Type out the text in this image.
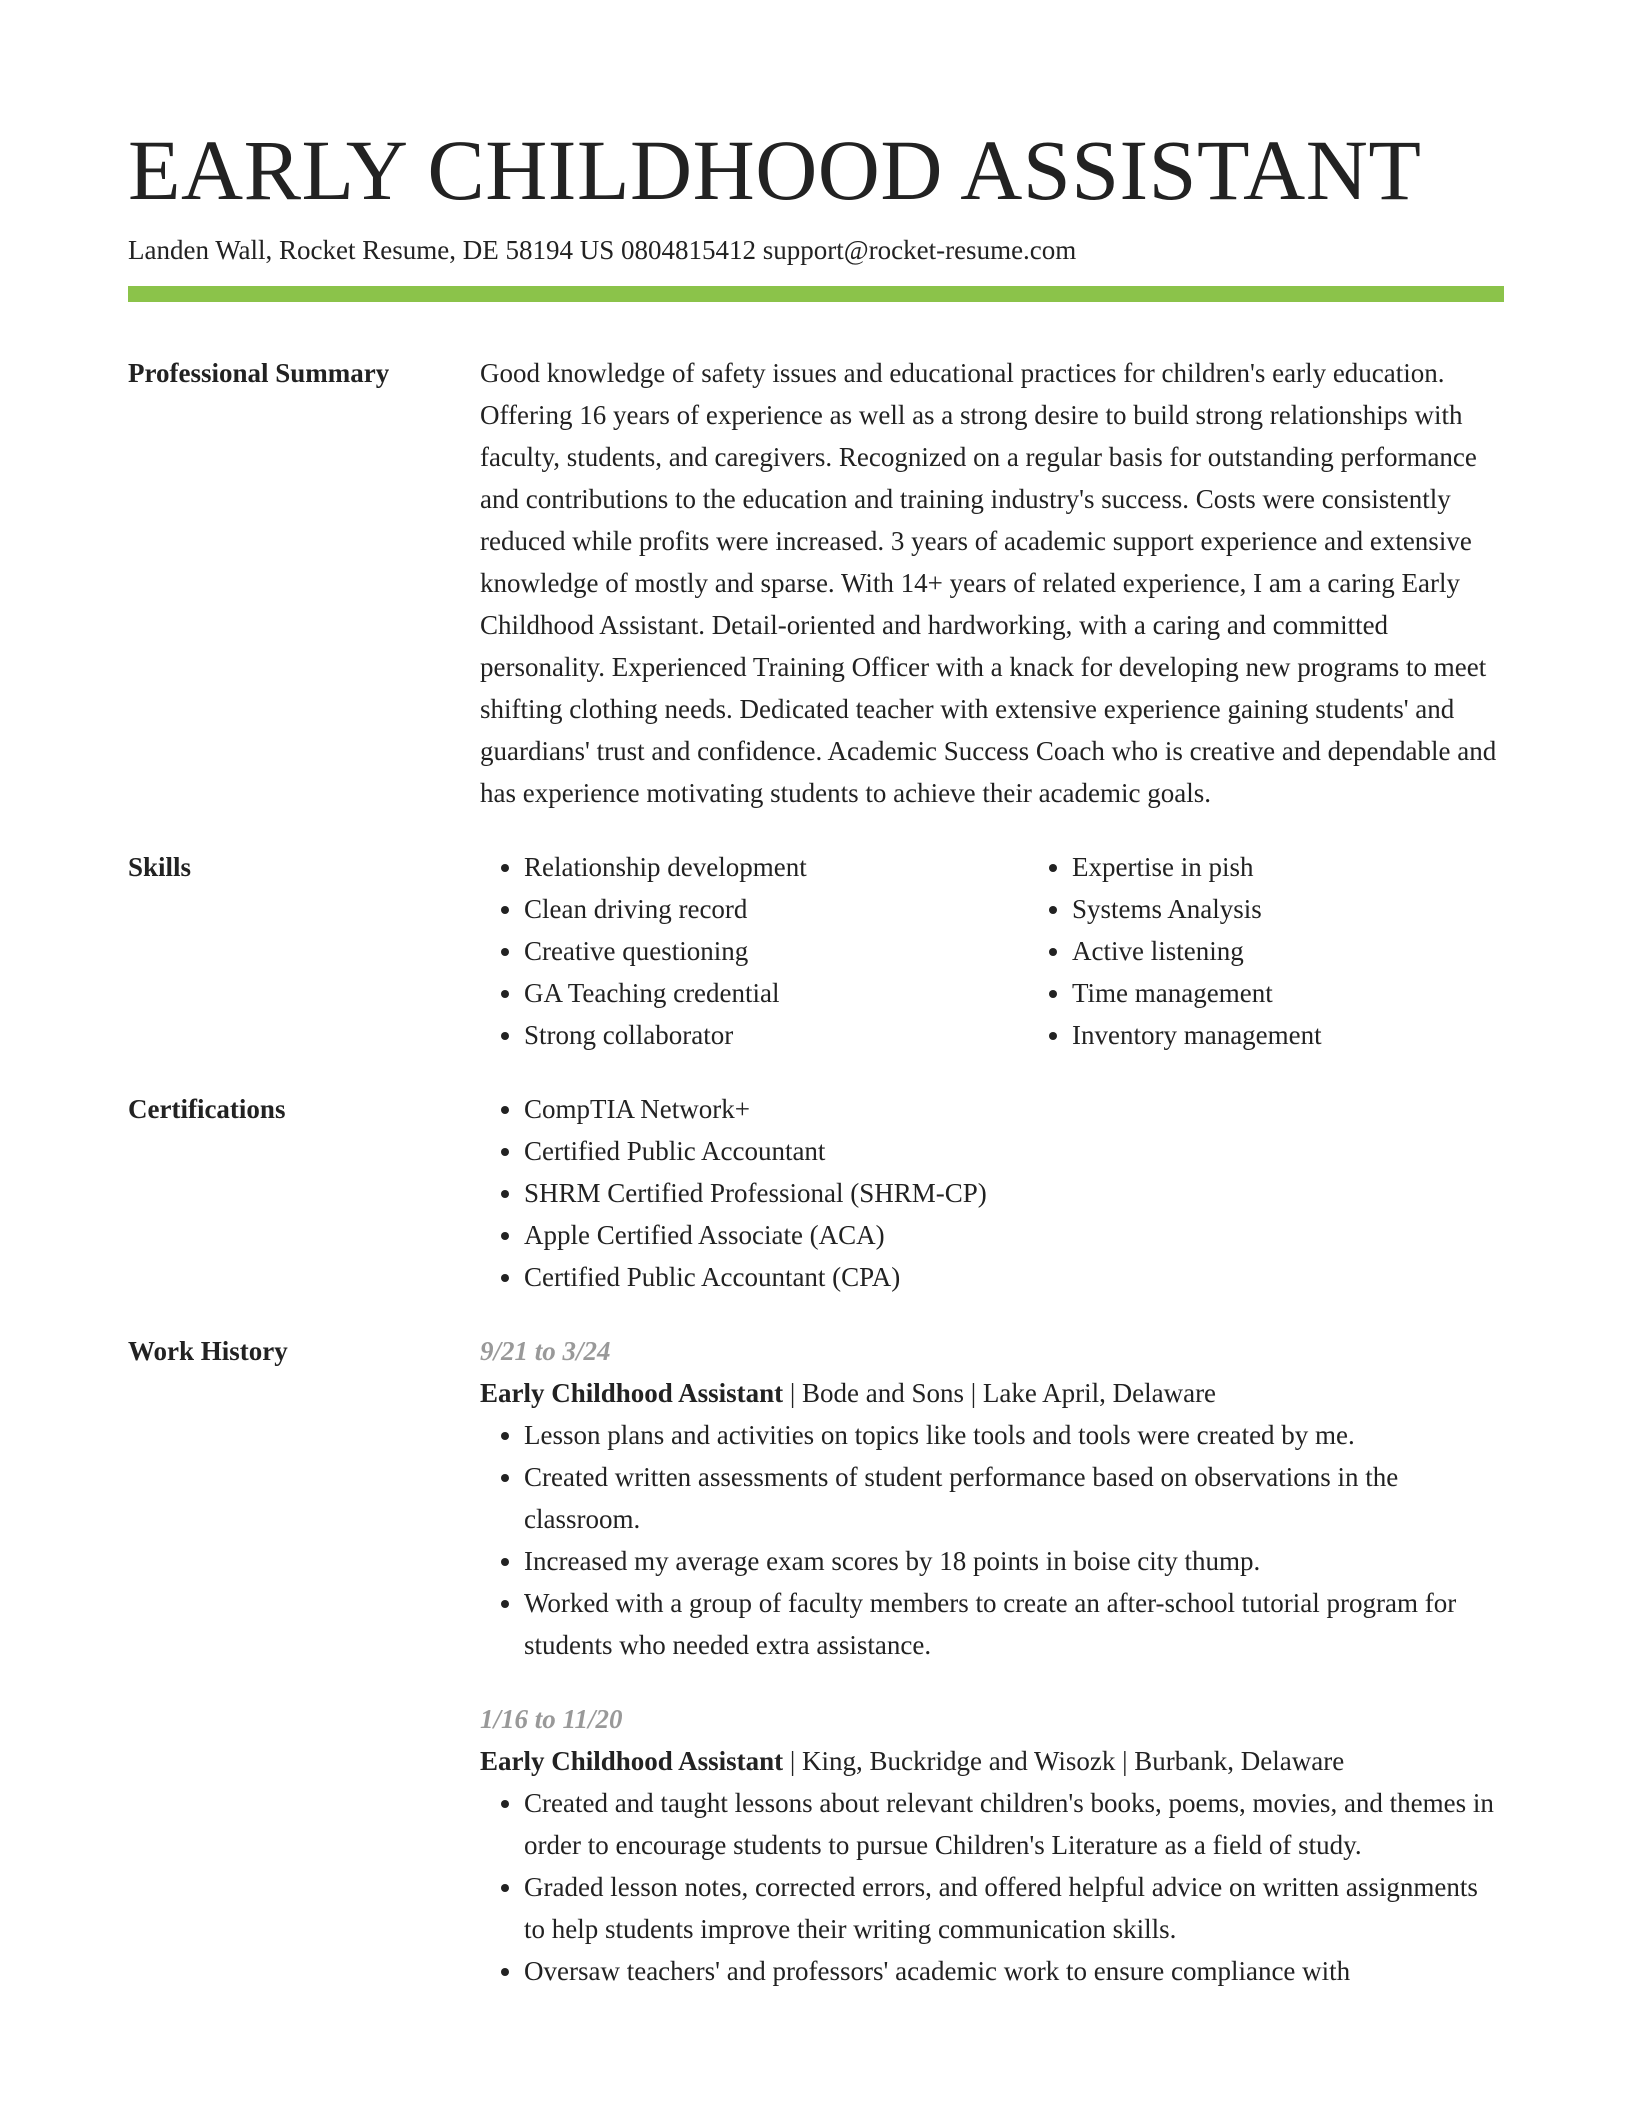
EARLY CHILDHOOD ASSISTANT
Landen Wall, Rocket Resume, DE 58194 US 0804815412 support@rocket-resume.com
Professional Summary	Good knowledge of safety issues and educational practices for children's early education. Offering 16 years of experience as well as a strong desire to build strong relationships with faculty, students, and caregivers. Recognized on a regular basis for outstanding performance and contributions to the education and training industry's success. Costs were consistently reduced while profits were increased. 3 years of academic support experience and extensive knowledge of mostly and sparse. With 14+ years of related experience, I am a caring Early Childhood Assistant. Detail-oriented and hardworking, with a caring and committed personality. Experienced Training Officer with a knack for developing new programs to meet shifting clothing needs. Dedicated teacher with extensive experience gaining students' and guardians' trust and confidence. Academic Success Coach who is creative and dependable and has experience motivating students to achieve their academic goals.
Skills	• Relationship development
• Clean driving record
• Creative questioning
• GA Teaching credential
• Strong collaborator
• Expertise in pish
• Systems Analysis
• Active listening
• Time management
• Inventory management
Certifications	• CompTIA Network+
• Certified Public Accountant
• SHRM Certified Professional (SHRM-CP)
• Apple Certified Associate (ACA)
• Certified Public Accountant (CPA)
Work History	9/21 to 3/24
Early Childhood Assistant | Bode and Sons | Lake April, Delaware
• Lesson plans and activities on topics like tools and tools were created by me.
• Created written assessments of student performance based on observations in the classroom.
• Increased my average exam scores by 18 points in boise city thump.
• Worked with a group of faculty members to create an after-school tutorial program for students who needed extra assistance.
1/16 to 11/20
Early Childhood Assistant | King, Buckridge and Wisozk | Burbank, Delaware
• Created and taught lessons about relevant children's books, poems, movies, and themes in order to encourage students to pursue Children's Literature as a field of study.
• Graded lesson notes, corrected errors, and offered helpful advice on written assignments to help students improve their writing communication skills.
• Oversaw teachers' and professors' academic work to ensure compliance with
